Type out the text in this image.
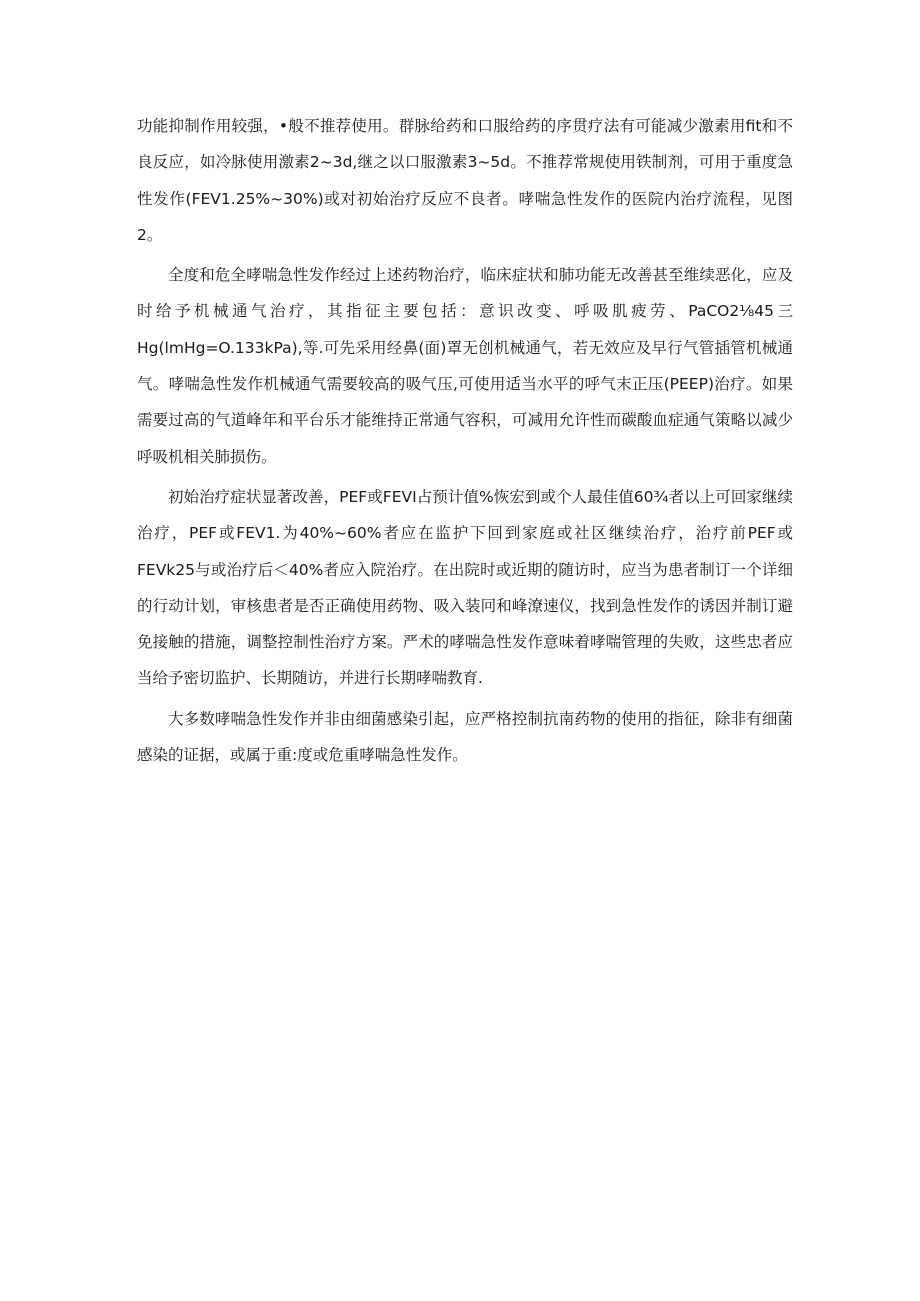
功能抑制作用较强，•般不推荐使用。群脉给药和口服给药的序贯疗法有可能减少激素用fit和不良反应，如冷脉使用激素2~3d,继之以口服激素3~5d。不推荐常规使用铁制剂，可用于重度急性发作(FEV1.25%~30%)或对初始治疗反应不良者。哮喘急性发作的医院内治疗流程，见图2。

全度和危全哮喘急性发作经过上述药物治疗，临床症状和肺功能无改善甚至维续恶化，应及时给予机械通气治疗，其指征主要包括：意识改变、呼吸肌疲劳、PaCO2⅛45三Hg(lmHg=O.133kPa),等.可先采用经鼻(面)罩无创机械通气，若无效应及早行气管插管机械通气。哮喘急性发作机械通气需要较高的吸气压,可使用适当水平的呼气末正压(PEEP)治疗。如果需要过高的气道峰年和平台乐才能维持正常通气容积，可减用允许性而碳酸血症通气策略以减少呼吸机相关肺损伤。

初始治疗症状显著改善，PEF或FEVI占预计值%恢宏到或个人最佳值60¾者以上可回家继续治疗，PEF或FEV1.为40%~60%者应在监护下回到家庭或社区继续治疗，治疗前PEF或FEVk25与或治疗后＜40%者应入院治疗。在出院时或近期的随访时，应当为患者制订一个详细的行动计划，审核患者是否正确使用药物、吸入装冋和峰潦速仪，找到急性发作的诱因并制订避免接触的措施，调整控制性治疗方案。严术的哮喘急性发作意味着哮喘管理的失败，这些忠者应当给予密切监护、长期随访，并进行长期哮喘教育.

大多数哮喘急性发作并非由细菌感染引起，应严格控制抗南药物的使用的指征，除非有细菌感染的证据，或属于重:度或危重哮喘急性发作。
